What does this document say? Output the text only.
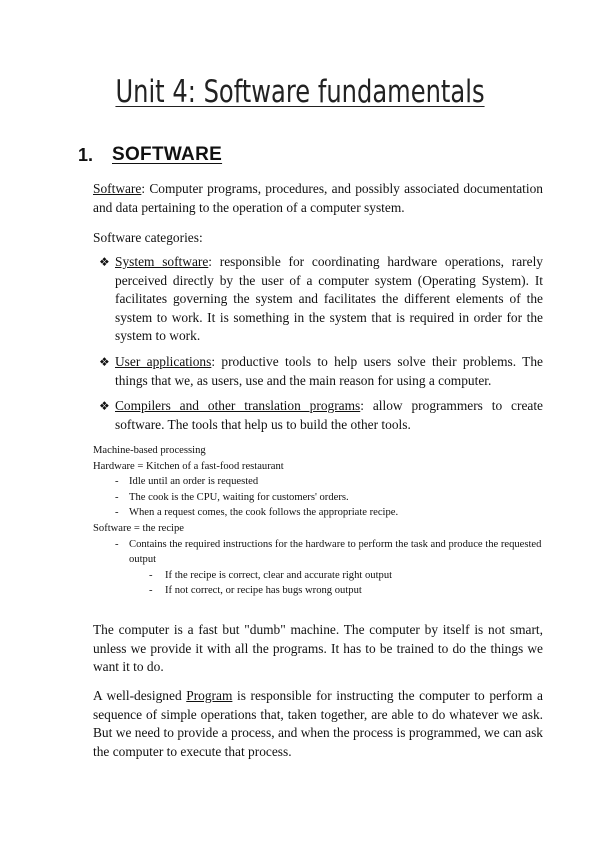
Unit 4: Software fundamentals
1. SOFTWARE
Software: Computer programs, procedures, and possibly associated documentation and data pertaining to the operation of a computer system.
Software categories:
❖ System software: responsible for coordinating hardware operations, rarely perceived directly by the user of a computer system (Operating System). It facilitates governing the system and facilitates the different elements of the system to work. It is something in the system that is required in order for the system to work.
❖ User applications: productive tools to help users solve their problems. The things that we, as users, use and the main reason for using a computer.
❖ Compilers and other translation programs: allow programmers to create software. The tools that help us to build the other tools.
Machine-based processing
Hardware = Kitchen of a fast-food restaurant
- Idle until an order is requested
- The cook is the CPU, waiting for customers' orders.
- When a request comes, the cook follows the appropriate recipe.
Software = the recipe
- Contains the required instructions for the hardware to perform the task and produce the requested output
- If the recipe is correct, clear and accurate right output
- If not correct, or recipe has bugs wrong output
The computer is a fast but "dumb" machine. The computer by itself is not smart, unless we provide it with all the programs. It has to be trained to do the things we want it to do.
A well-designed Program is responsible for instructing the computer to perform a sequence of simple operations that, taken together, are able to do whatever we ask. But we need to provide a process, and when the process is programmed, we can ask the computer to execute that process.
